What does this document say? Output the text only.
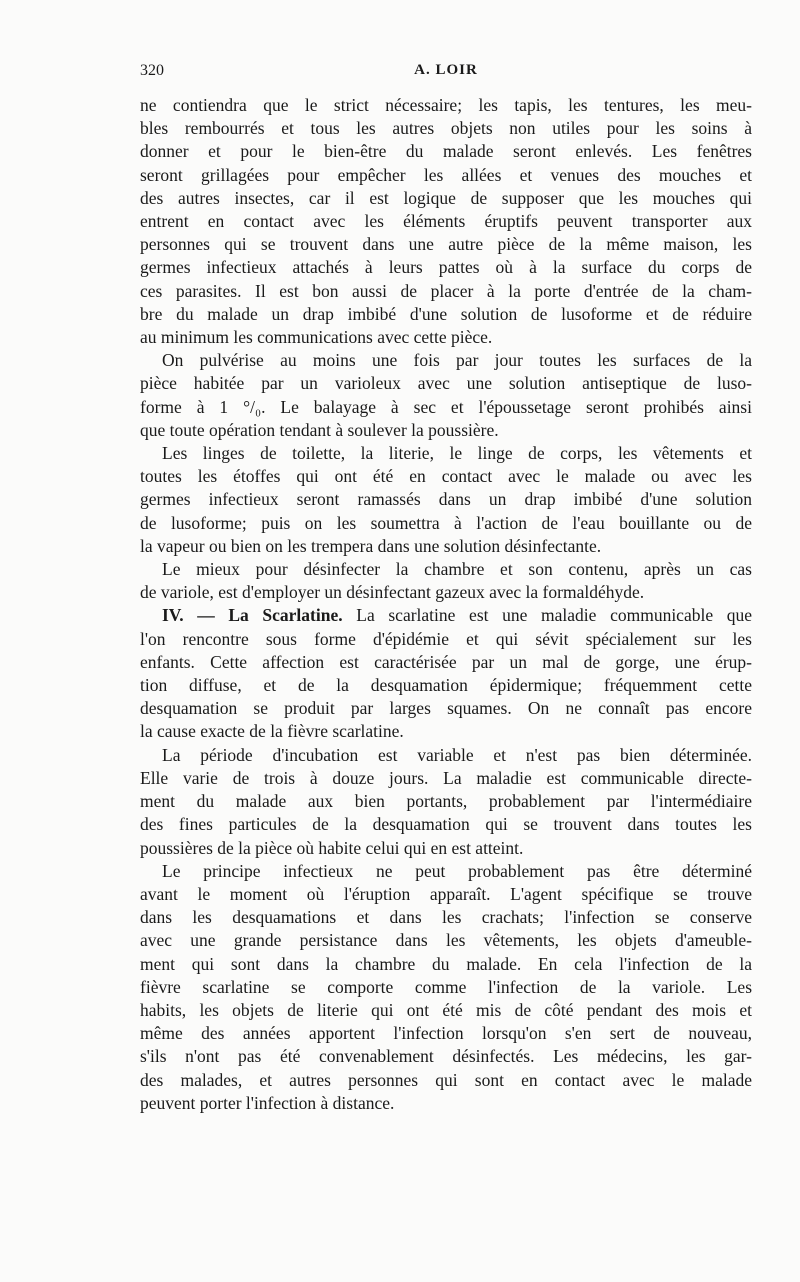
320	A. LOIR

ne contiendra que le strict nécessaire; les tapis, les tentures, les meu-
bles rembourrés et tous les autres objets non utiles pour les soins à
donner et pour le bien-être du malade seront enlevés. Les fenêtres
seront grillagées pour empêcher les allées et venues des mouches et
des autres insectes, car il est logique de supposer que les mouches qui
entrent en contact avec les éléments éruptifs peuvent transporter aux
personnes qui se trouvent dans une autre pièce de la même maison, les
germes infectieux attachés à leurs pattes où à la surface du corps de
ces parasites. Il est bon aussi de placer à la porte d'entrée de la cham-
bre du malade un drap imbibé d'une solution de lusoforme et de réduire
au minimum les communications avec cette pièce.

On pulvérise au moins une fois par jour toutes les surfaces de la
pièce habitée par un varioleux avec une solution antiseptique de luso-
forme à 1 °/₀. Le balayage à sec et l'époussetage seront prohibés ainsi
que toute opération tendant à soulever la poussière.

Les linges de toilette, la literie, le linge de corps, les vêtements et
toutes les étoffes qui ont été en contact avec le malade ou avec les
germes infectieux seront ramassés dans un drap imbibé d'une solution
de lusoforme; puis on les soumettra à l'action de l'eau bouillante ou de
la vapeur ou bien on les trempera dans une solution désinfectante.

Le mieux pour désinfecter la chambre et son contenu, après un cas
de variole, est d'employer un désinfectant gazeux avec la formaldéhyde.

IV. — La Scarlatine. La scarlatine est une maladie communicable que
l'on rencontre sous forme d'épidémie et qui sévit spécialement sur les
enfants. Cette affection est caractérisée par un mal de gorge, une érup-
tion diffuse, et de la desquamation épidermique; fréquemment cette
desquamation se produit par larges squames. On ne connaît pas encore
la cause exacte de la fièvre scarlatine.

La période d'incubation est variable et n'est pas bien déterminée.
Elle varie de trois à douze jours. La maladie est communicable directe-
ment du malade aux bien portants, probablement par l'intermédiaire
des fines particules de la desquamation qui se trouvent dans toutes les
poussières de la pièce où habite celui qui en est atteint.

Le principe infectieux ne peut probablement pas être déterminé
avant le moment où l'éruption apparaît. L'agent spécifique se trouve
dans les desquamations et dans les crachats; l'infection se conserve
avec une grande persistance dans les vêtements, les objets d'ameuble-
ment qui sont dans la chambre du malade. En cela l'infection de la
fièvre scarlatine se comporte comme l'infection de la variole. Les
habits, les objets de literie qui ont été mis de côté pendant des mois et
même des années apportent l'infection lorsqu'on s'en sert de nouveau,
s'ils n'ont pas été convenablement désinfectés. Les médecins, les gar-
des malades, et autres personnes qui sont en contact avec le malade
peuvent porter l'infection à distance.
